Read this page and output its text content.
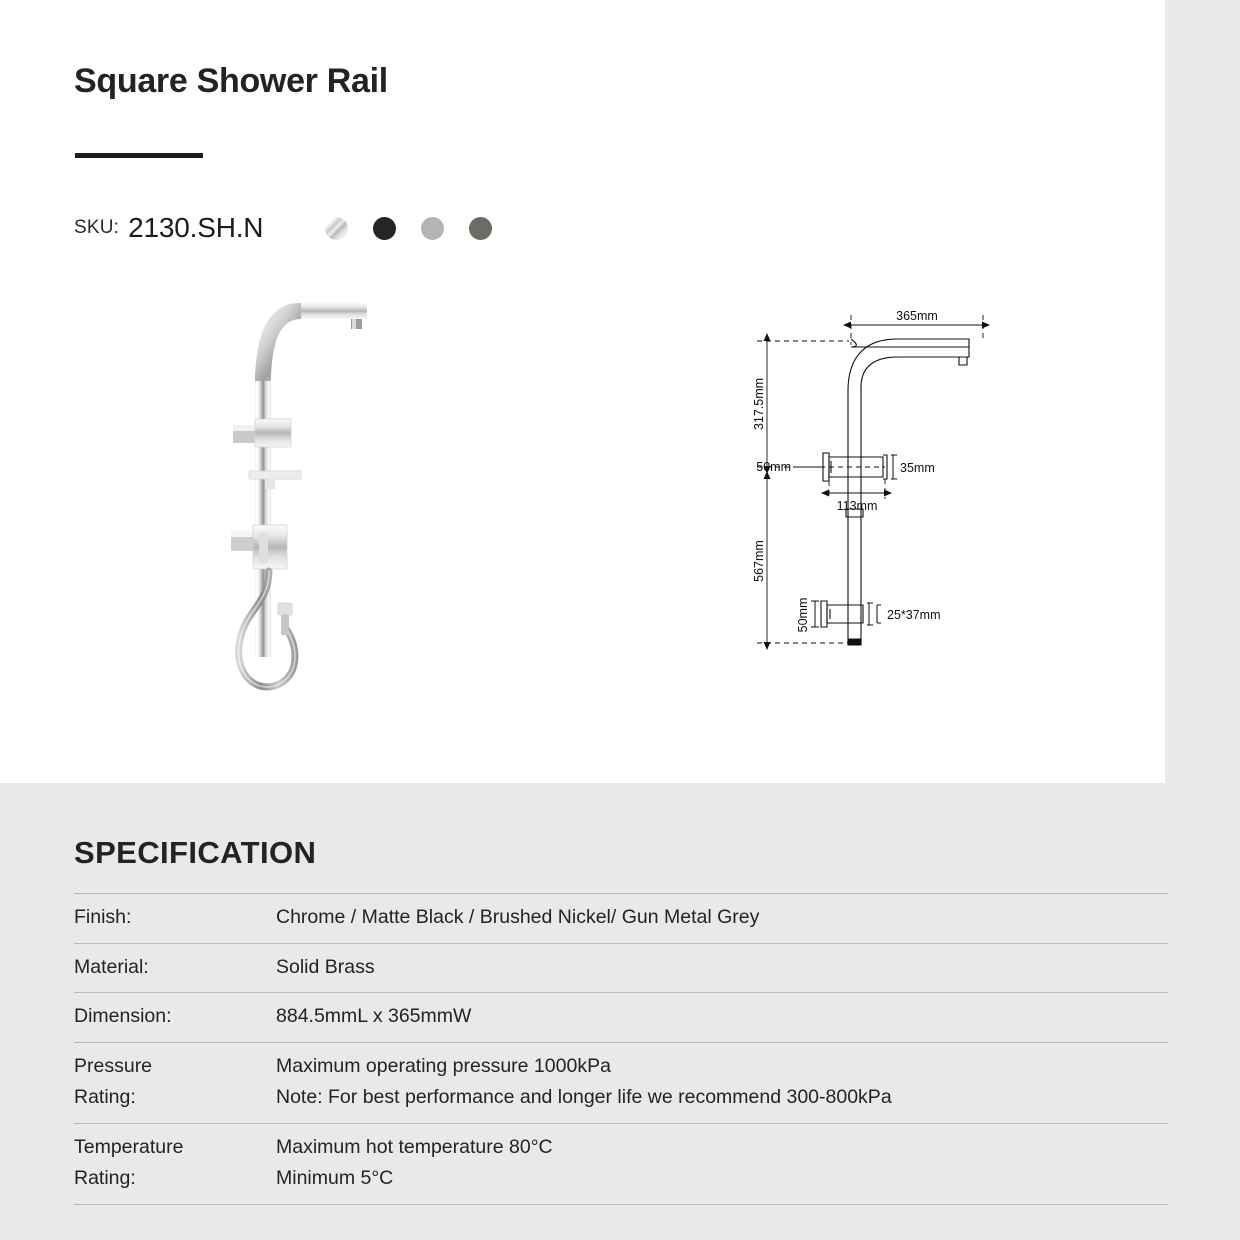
Square Shower Rail
SKU: 2130.SH.N
365mm
317.5mm
50mm	35mm
113mm
567mm
50mm	25*37mm
SPECIFICATION
Finish:	Chrome / Matte Black / Brushed Nickel/ Gun Metal Grey

Material:	Solid Brass

Dimension:	884.5mmL x 365mmW

Pressure
Rating:	Maximum operating pressure 1000kPa
Note: For best performance and longer life we recommend 300-800kPa

Temperature
Rating:	Maximum hot temperature 80°C
Minimum 5°C
